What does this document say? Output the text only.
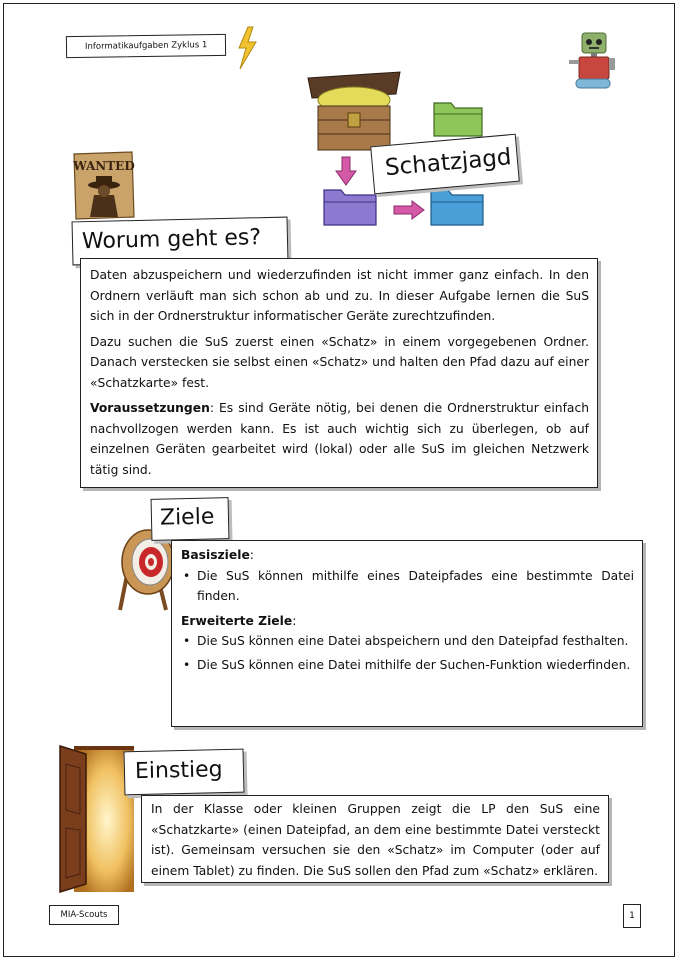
Informatikaufgaben Zyklus 1
WANTED	Schatzjagd
Worum geht es?
Ziele
Einstieg

Daten abzuspeichern und wiederzufinden ist nicht immer ganz einfach. In den Ordnern verläuft man sich schon ab und zu. In dieser Aufgabe lernen die SuS sich in der Ordnerstruktur informatischer Geräte zurechtzufinden.

Dazu suchen die SuS zuerst einen «Schatz» in einem vorgegebenen Ordner. Danach verstecken sie selbst einen «Schatz» und halten den Pfad dazu auf einer «Schatzkarte» fest.

Voraussetzungen: Es sind Geräte nötig, bei denen die Ordnerstruktur einfach nachvollzogen werden kann. Es ist auch wichtig sich zu überlegen, ob auf einzelnen Geräten gearbeitet wird (lokal) oder alle SuS im gleichen Netzwerk tätig sind.

Basisziele:
• Die SuS können mithilfe eines Dateipfades eine bestimmte Datei finden.
Erweiterte Ziele:
• Die SuS können eine Datei abspeichern und den Dateipfad festhalten.
• Die SuS können eine Datei mithilfe der Suchen-Funktion wiederfinden.

In der Klasse oder kleinen Gruppen zeigt die LP den SuS eine «Schatzkarte» (einen Dateipfad, an dem eine bestimmte Datei versteckt ist). Gemeinsam versuchen sie den «Schatz» im Computer (oder auf einem Tablet) zu finden. Die SuS sollen den Pfad zum «Schatz» erklären.

MIA-Scouts	1
